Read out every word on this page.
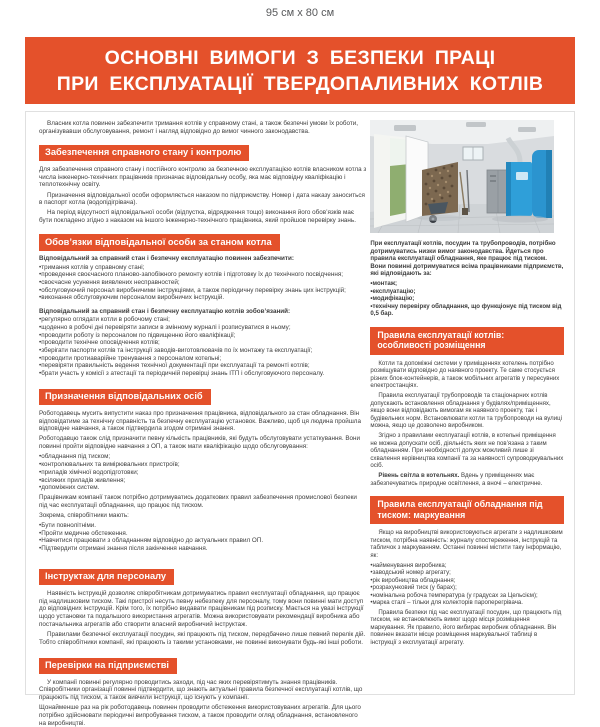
95 см x 80 см
ОСНОВНІ ВИМОГИ З БЕЗПЕКИ ПРАЦІ
ПРИ ЕКСПЛУАТАЦІЇ ТВЕРДОПАЛИВНИХ КОТЛІВ

Власник котла повинен забезпечити тримання котлів у справному стані, а також безпечні умови їх роботи, організувавши обслуговування, ремонт і нагляд відповідно до вимог чинного законодавства.

Забезпечення справного стану і контролю

Для забезпечення справного стану і постійного контролю за безпечною експлуатацією котлів власником котла з числа інженерно-технічних працівників призначає відповідальну особу, яка має відповідну кваліфікацію і теплотехнічну освіту.

Призначення відповідальної особи оформляється наказом по підприємству. Номер і дата наказу заноситься в паспорт котла (водопідігрівача).

На період відсутності відповідальної особи (відпустка, відрядження тощо) виконання його обов’язків має бути покладено згідно з наказом на іншого інженерно-технічного працівника, який пройшов перевірку знань.

Обов’язки відповідальної особи за станом котла

Відповідальний за справний стан і безпечну експлуатацію повинен забезпечити:

• тримання котлів у справному стані;
• проведення своєчасного планово-запобіжного ремонту котлів і підготовку їх до технічного посвідчення;
• своєчасне усунення виявлених несправностей;
• обслуговуючий персонал виробничими інструкціями, а також періодичну перевірку знань цих інструкцій;
• виконання обслуговуючим персоналом виробничих інструкцій.

Відповідальний за справний стан і безпечну експлуатацію котлів зобов’язаний:

• регулярно оглядати котли в робочому стані;
• щоденно в робочі дні перевіряти записи в змінному журналі і розписуватися в ньому;
• проводити роботу із персоналом по підвищенню його кваліфікації;
• проводити технічне опосвідчення котлів;
• зберігати паспорти котлів та інструкції заводів-виготовлювачів по їх монтажу та експлуатації;
• проводити протиаварійне тренування з персоналом котельні;
• перевіряти правильність ведення технічної документації при експлуатації та ремонті котлів;
• брати участь у комісії з атестації та періодичній перевірці знань ІТП і обслуговуючого персоналу.
Призначення відповідальних осіб

Роботодавець мусить випустити наказ про призначення працівника, відповідального за стан обладнання. Він відповідатиме за технічну справність та безпечну експлуатацію установок. Важливо, щоб ця людина пройшла відповідне навчання, а також підтвердила згодом отримані знання.

Роботодавцю також слід призначити певну кількість працівників, які будуть обслуговувати устаткування. Вони повинні пройти відповідне навчання з ОП, а також мати кваліфікацію щодо обслуговування:

• обладнання під тиском;
• контролювальних та вимірювальних пристроїв;
• приладів хімічної водопідготовки;
• всіляких приладів живлення;
• допоміжних систем.

Працівникам компанії також потрібно дотримуватись додаткових правил забезпечення промислової безпеки під час експлуатації обладнання, що працює під тиском.

Зокрема, співробітники мають:

• Бути повнолітніми.
• Пройти медичне обстеження.
• Навчитися працювати з обладнанням відповідно до актуальних правил ОП.
• Підтвердити отримані знання після закінчення навчання.
Інструктаж для персоналу

Наявність інструкцій дозволяє співробітникам дотримуватись правил експлуатації обладнання, що працює під надлишковим тиском. Такі пристрої несуть певну небезпеку для персоналу, тому вони повинні мати доступ до відповідних інструкцій. Крім того, їх потрібно видавати працівникам під розписку. Мається на увазі інструкції щодо установки та подальшого використання агрегатів. Можна використовувати рекомендації виробника або постачальника агрегатів або створити власний виробничий інструктаж.

Правилами безпечної експлуатації посудин, які працюють під тиском, передбачено лише певний перелік дій. Тобто співробітники компанії, які працюють із такими установками, не повинні виконувати будь-які інші роботи.

Перевірки на підприємстві

У компанії повинні регулярно проводитись заходи, під час яких перевірятимуть знання працівників. Співробітники організації повинні підтвердити, що знають актуальні правила безпечної експлуатації котлів, що працюють під тиском, а також вивчили інструкції, що існують у компанії.

Щонайменше раз на рік роботодавець повинен проводити обстеження використовуваних агрегатів. Для цього потрібно здійснювати періодичні випробування тиском, а також проводити огляд обладнання, встановленого на виробництві.

При експлуатації котлів, посудин та трубопроводів, потрібно дотримуватись низки вимог законодавства. Йдеться про правила експлуатації обладнання, яке працює під тиском. Вони повинні дотримуватися всіма працівниками підприємств, які відповідають за:

• монтаж;
• експлуатацію;
• модифікацію;
• технічну перевірку обладнання, що функціонує під тиском від 0,5 бар.
Правила експлуатації котлів: особливості розміщення

Котли та допоміжні системи у приміщеннях котелень потрібно розміщувати відповідно до наявного проекту. Те саме стосується різних блок-контейнерів, а також мобільних агрегатів у пересувних електростанціях.

Правила експлуатації трубопроводів та стаціонарних котлів допускають встановлення обладнання у будівлях/приміщеннях, якщо вони відповідають вимогам як наявного проекту, так і будівельних норм. Встановлювати котли та трубопроводи на вулиці можна, якщо це дозволено виробником.

Згідно з правилами експлуатації котлів, в котельні приміщення не можна допускати осіб, діяльність яких не пов’язана з таким обладнанням. При необхідності допуск можливий лише зі схвалення керівництва компанії та за наявності супроводжувальних осіб.

Рівень світла в котельнях. Вдень у приміщеннях має забезпечуватись природне освітлення, а вночі – електричне.

Правила експлуатації обладнання під тиском: маркування

Якщо на виробництві використовуються агрегати з надлишковим тиском, потрібна наявність: журналу спостереження, інструкцій та табличок з маркуванням. Останні повинні містити таку інформацію, як:

• найменування виробника;
• заводський номер агрегату;
• рік виробництва обладнання;
• розрахунковий тиск (у барах);
• номінальна робоча температура (у градусах за Цельсієм);
• марка сталі – тільки для колекторів пароперегрівача.

Правила безпеки під час експлуатації посудин, що працюють під тиском, не встановлюють вимог щодо місця розміщення маркування. Як правило, його вибирає виробник обладнання. Він повинен вказати місце розміщення маркувальної таблиці в інструкції з експлуатації агрегату.
